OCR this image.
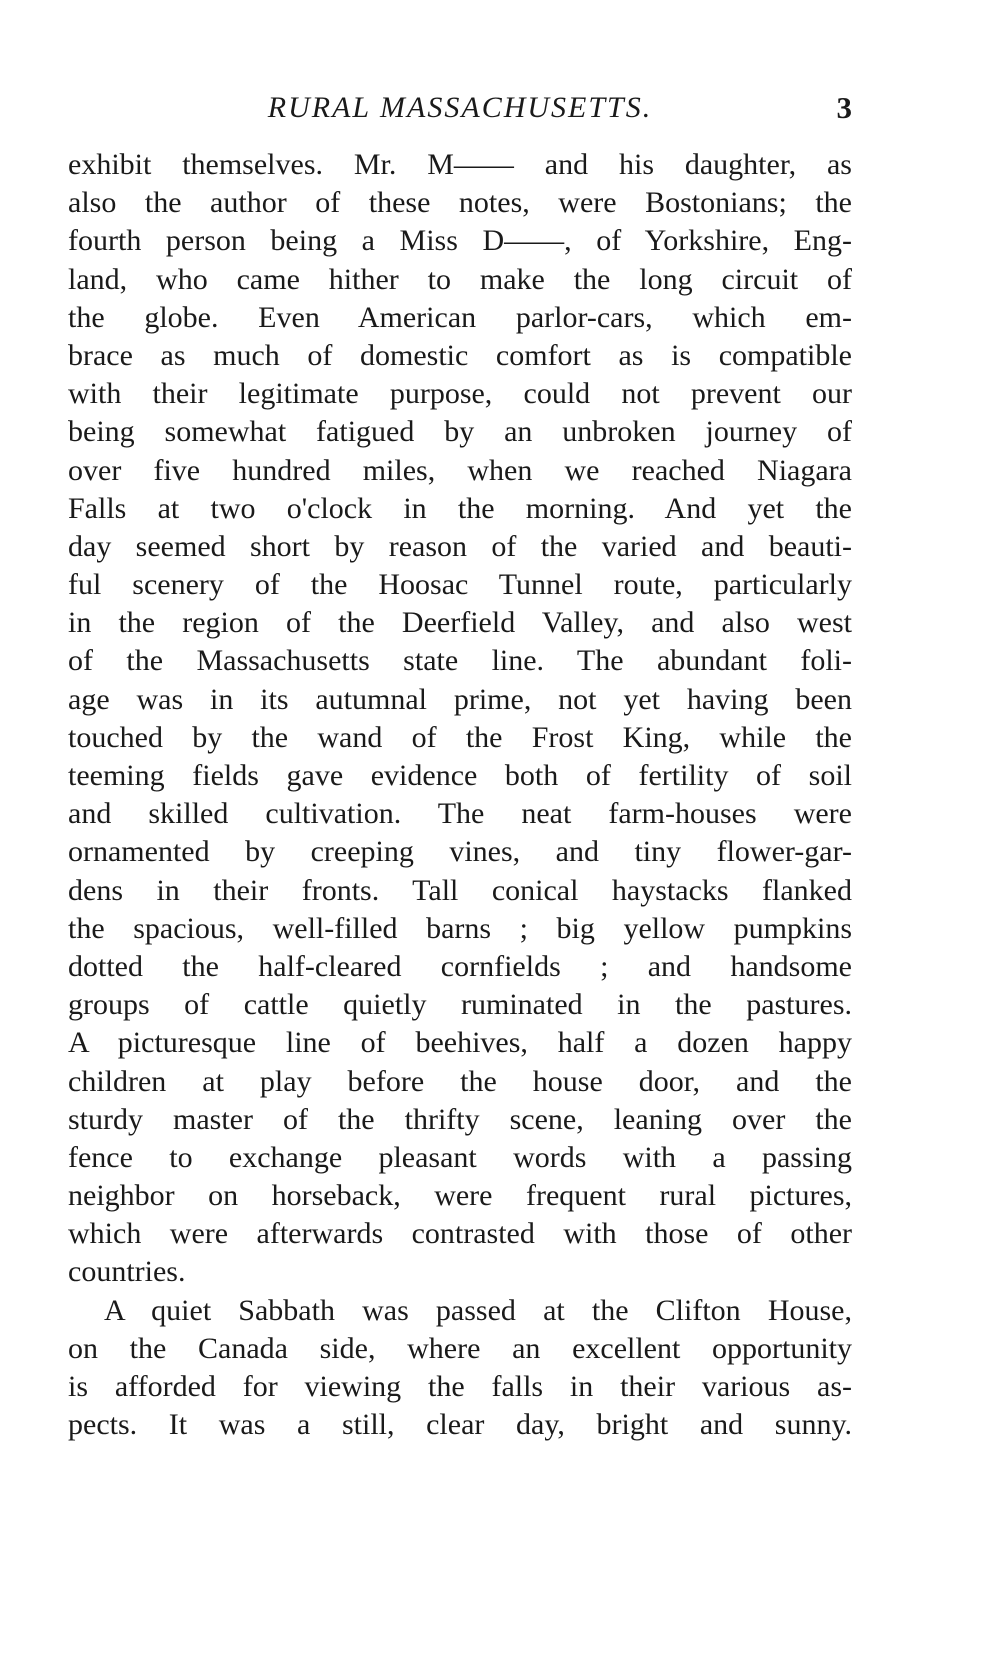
RURAL MASSACHUSETTS.	3
exhibit themselves. Mr. M—— and his daughter, as
also the author of these notes, were Bostonians; the
fourth person being a Miss D——, of Yorkshire, Eng-
land, who came hither to make the long circuit of
the globe. Even American parlor-cars, which em-
brace as much of domestic comfort as is compatible
with their legitimate purpose, could not prevent our
being somewhat fatigued by an unbroken journey of
over five hundred miles, when we reached Niagara
Falls at two o'clock in the morning. And yet the
day seemed short by reason of the varied and beauti-
ful scenery of the Hoosac Tunnel route, particularly
in the region of the Deerfield Valley, and also west
of the Massachusetts state line. The abundant foli-
age was in its autumnal prime, not yet having been
touched by the wand of the Frost King, while the
teeming fields gave evidence both of fertility of soil
and skilled cultivation. The neat farm-houses were
ornamented by creeping vines, and tiny flower-gar-
dens in their fronts. Tall conical haystacks flanked
the spacious, well-filled barns ; big yellow pumpkins
dotted the half-cleared cornfields ; and handsome
groups of cattle quietly ruminated in the pastures.
A picturesque line of beehives, half a dozen happy
children at play before the house door, and the
sturdy master of the thrifty scene, leaning over the
fence to exchange pleasant words with a passing
neighbor on horseback, were frequent rural pictures,
which were afterwards contrasted with those of other
countries.
A quiet Sabbath was passed at the Clifton House,
on the Canada side, where an excellent opportunity
is afforded for viewing the falls in their various as-
pects. It was a still, clear day, bright and sunny.
